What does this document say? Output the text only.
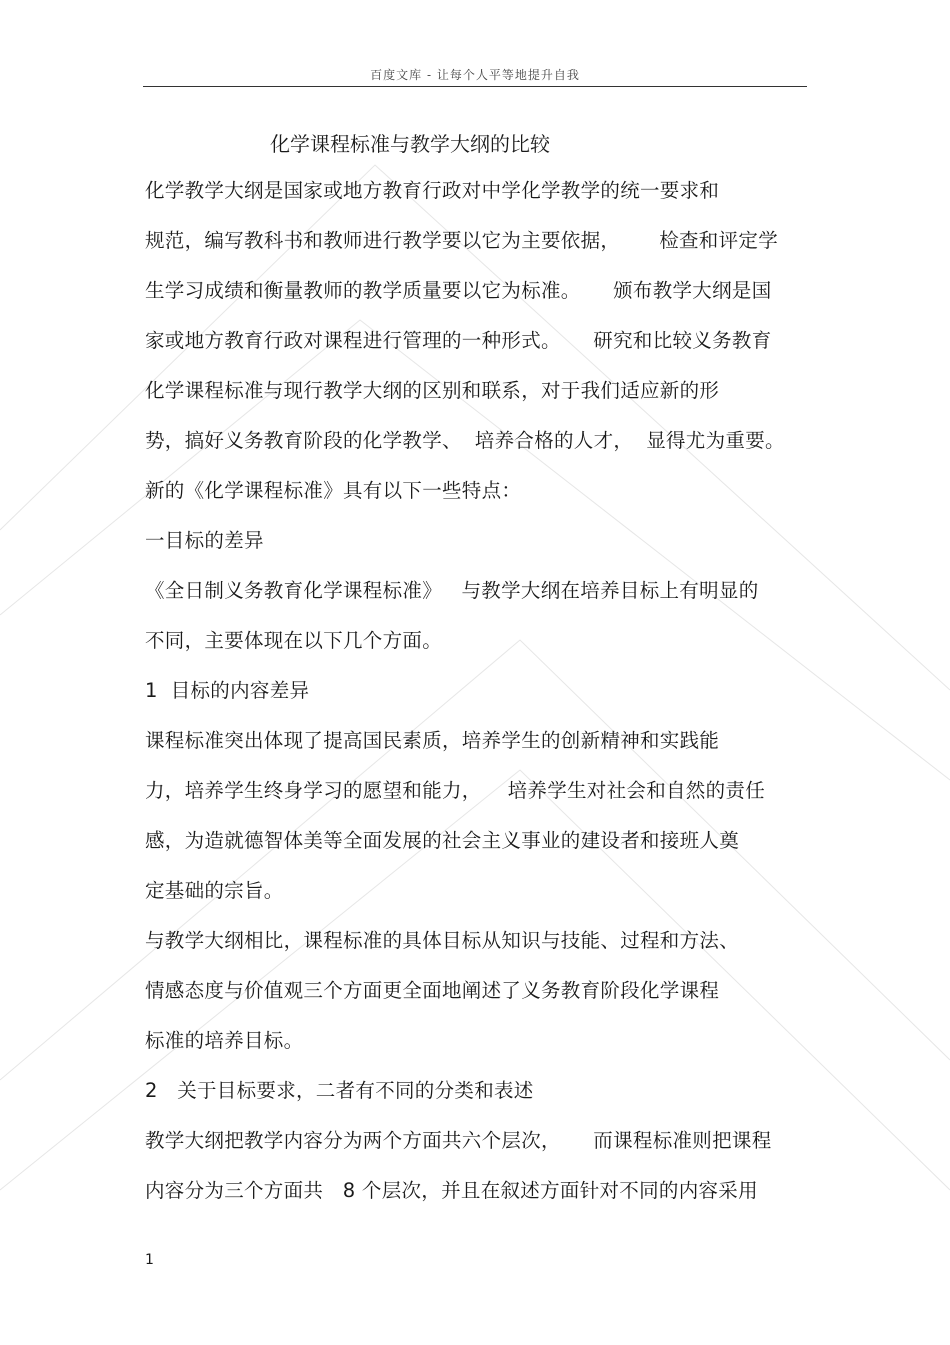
百度文库 - 让每个人平等地提升自我
化学课程标准与教学大纲的比较
化学教学大纲是国家或地方教育行政对中学化学教学的统一要求和
规范，编写教科书和教师进行教学要以它为主要依据，      检查和评定学
生学习成绩和衡量教师的教学质量要以它为标准。     颁布教学大纲是国
家或地方教育行政对课程进行管理的一种形式。     研究和比较义务教育
化学课程标准与现行教学大纲的区别和联系，对于我们适应新的形
势，搞好义务教育阶段的化学教学、  培养合格的人才，  显得尤为重要。
新的《化学课程标准》具有以下一些特点：
一目标的差异
《全日制义务教育化学课程标准》   与教学大纲在培养目标上有明显的
不同，主要体现在以下几个方面。
1  目标的内容差异
课程标准突出体现了提高国民素质，培养学生的创新精神和实践能
力，培养学生终身学习的愿望和能力，    培养学生对社会和自然的责任
感，为造就德智体美等全面发展的社会主义事业的建设者和接班人奠
定基础的宗旨。
与教学大纲相比，课程标准的具体目标从知识与技能、过程和方法、
情感态度与价值观三个方面更全面地阐述了义务教育阶段化学课程
标准的培养目标。
2   关于目标要求，二者有不同的分类和表述
教学大纲把教学内容分为两个方面共六个层次，     而课程标准则把课程
内容分为三个方面共   8 个层次，并且在叙述方面针对不同的内容采用
1
